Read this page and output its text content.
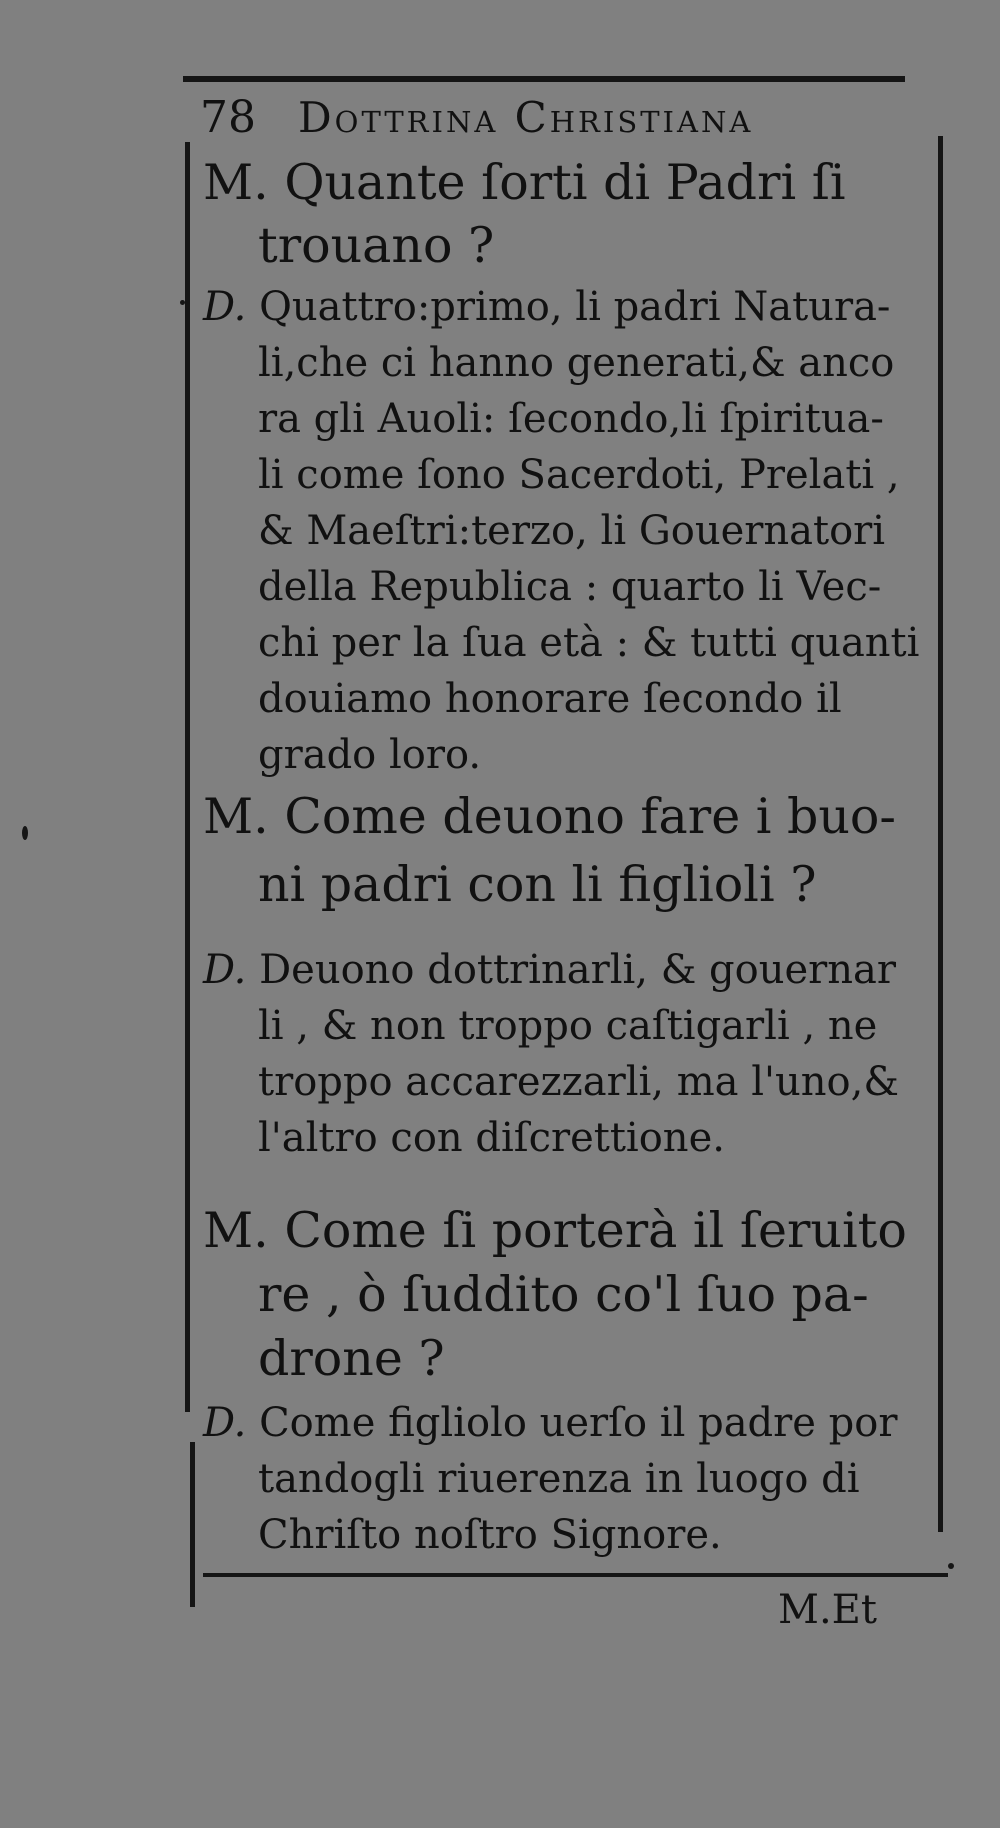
78 Dottrina Christiana
M. Quante ſorti di Padri ſi
trouano ?
D. Quattro:primo, li padri Natura-
li,che ci hanno generati,& anco
ra gli Auoli: ſecondo,li ſpiritua-
li come ſono Sacerdoti, Prelati ,
& Maeſtri:terzo, li Gouernatori
della Republica : quarto li Vec-
chi per la ſua età : & tutti quanti
douiamo honorare ſecondo il
grado loro.
M. Come deuono fare i buo-
ni padri con li figlioli ?
D. Deuono dottrinarli, & gouernar
li , & non troppo caſtigarli , ne
troppo accarezzarli, ma l'uno,&
l'altro con diſcrettione.
M. Come ſi porterà il ſeruito
re , ò ſuddito co'l ſuo pa-
drone ?
D. Come figliolo uerſo il padre por
tandogli riuerenza in luogo di
Chriſto noſtro Signore.
M.Et
